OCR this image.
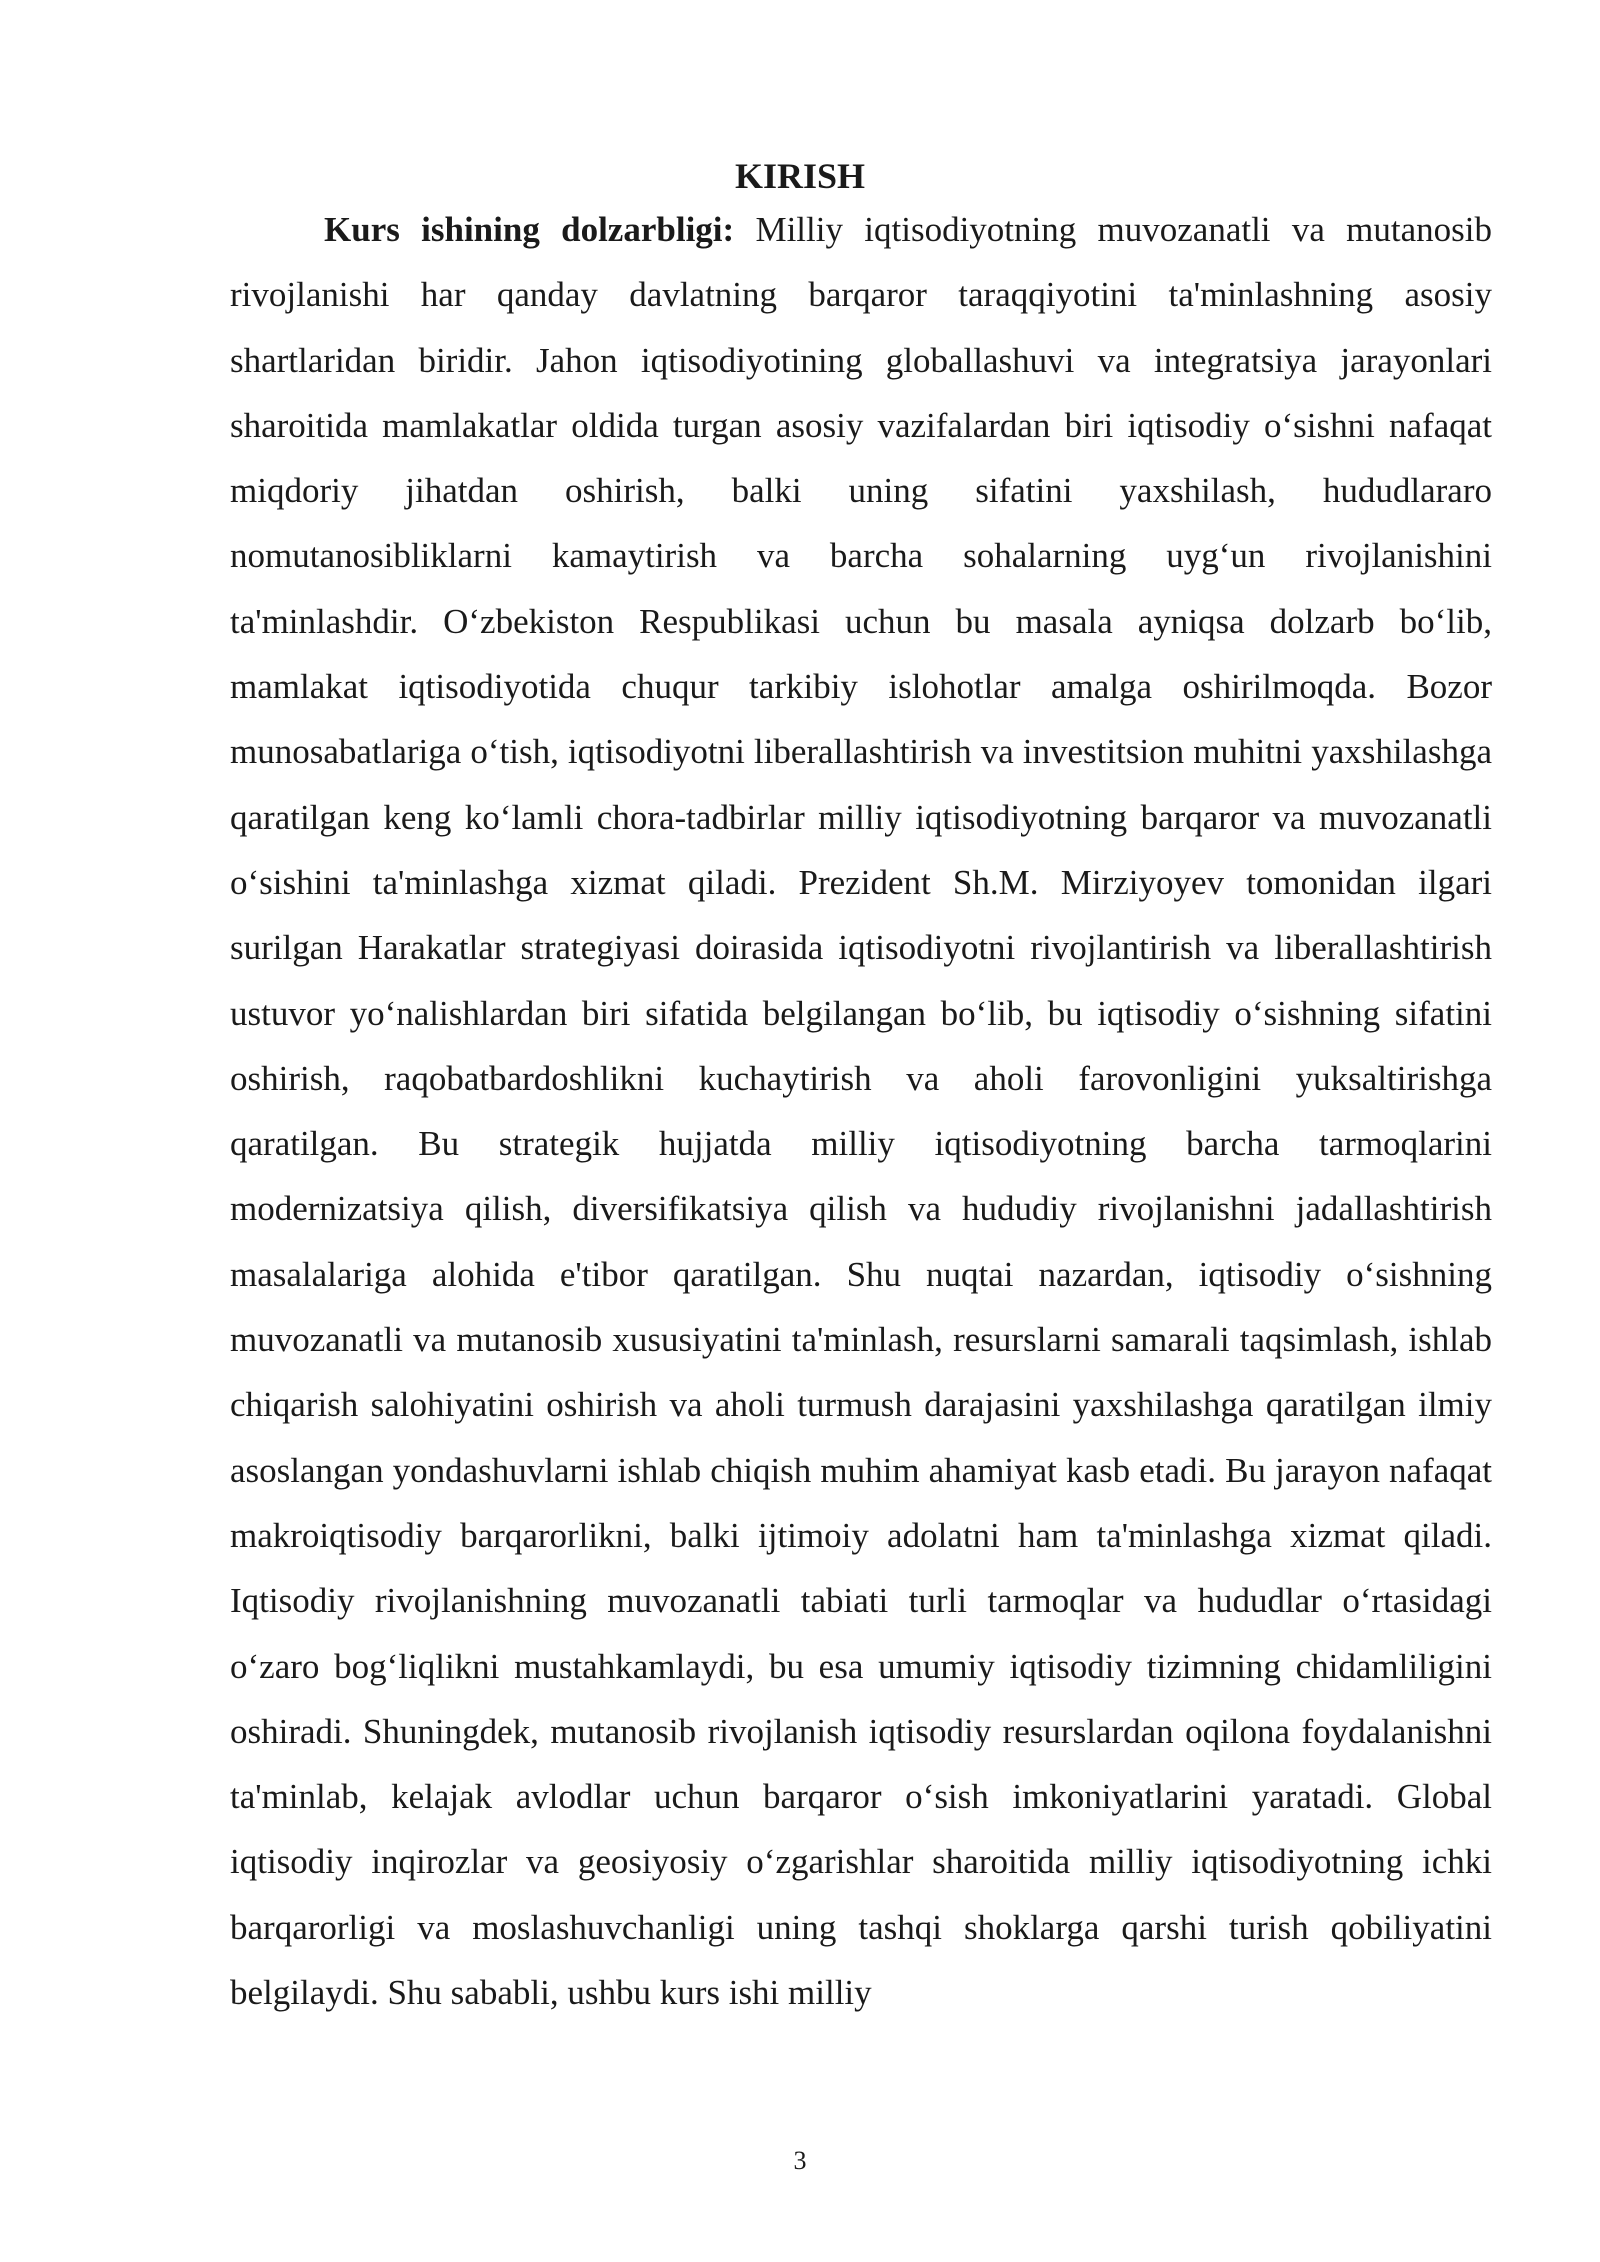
KIRISH

Kurs ishining dolzarbligi: Milliy iqtisodiyotning muvozanatli va mutanosib rivojlanishi har qanday davlatning barqaror taraqqiyotini ta'minlashning asosiy shartlaridan biridir. Jahon iqtisodiyotining globallashuvi va integratsiya jarayonlari sharoitida mamlakatlar oldida turgan asosiy vazifalardan biri iqtisodiy oʻsishni nafaqat miqdoriy jihatdan oshirish, balki uning sifatini yaxshilash, hududlararo nomutanosibliklarni kamaytirish va barcha sohalarning uygʻun rivojlanishini ta'minlashdir. Oʻzbekiston Respublikasi uchun bu masala ayniqsa dolzarb boʻlib, mamlakat iqtisodiyotida chuqur tarkibiy islohotlar amalga oshirilmoqda. Bozor munosabatlariga oʻtish, iqtisodiyotni liberallashtirish va investitsion muhitni yaxshilashga qaratilgan keng koʻlamli chora-tadbirlar milliy iqtisodiyotning barqaror va muvozanatli oʻsishini ta'minlashga xizmat qiladi. Prezident Sh.M. Mirziyoyev tomonidan ilgari surilgan Harakatlar strategiyasi doirasida iqtisodiyotni rivojlantirish va liberallashtirish ustuvor yoʻnalishlardan biri sifatida belgilangan boʻlib, bu iqtisodiy oʻsishning sifatini oshirish, raqobatbardoshlikni kuchaytirish va aholi farovonligini yuksaltirishga qaratilgan. Bu strategik hujjatda milliy iqtisodiyotning barcha tarmoqlarini modernizatsiya qilish, diversifikatsiya qilish va hududiy rivojlanishni jadallashtirish masalalariga alohida e'tibor qaratilgan. Shu nuqtai nazardan, iqtisodiy oʻsishning muvozanatli va mutanosib xususiyatini ta'minlash, resurslarni samarali taqsimlash, ishlab chiqarish salohiyatini oshirish va aholi turmush darajasini yaxshilashga qaratilgan ilmiy asoslangan yondashuvlarni ishlab chiqish muhim ahamiyat kasb etadi. Bu jarayon nafaqat makroiqtisodiy barqarorlikni, balki ijtimoiy adolatni ham ta'minlashga xizmat qiladi. Iqtisodiy rivojlanishning muvozanatli tabiati turli tarmoqlar va hududlar oʻrtasidagi oʻzaro bogʻliqlikni mustahkamlaydi, bu esa umumiy iqtisodiy tizimning chidamliligini oshiradi. Shuningdek, mutanosib rivojlanish iqtisodiy resurslardan oqilona foydalanishni ta'minlab, kelajak avlodlar uchun barqaror oʻsish imkoniyatlarini yaratadi. Global iqtisodiy inqirozlar va geosiyosiy oʻzgarishlar sharoitida milliy iqtisodiyotning ichki barqarorligi va moslashuvchanligi uning tashqi shoklarga qarshi turish qobiliyatini belgilaydi. Shu sababli, ushbu kurs ishi milliy

3
